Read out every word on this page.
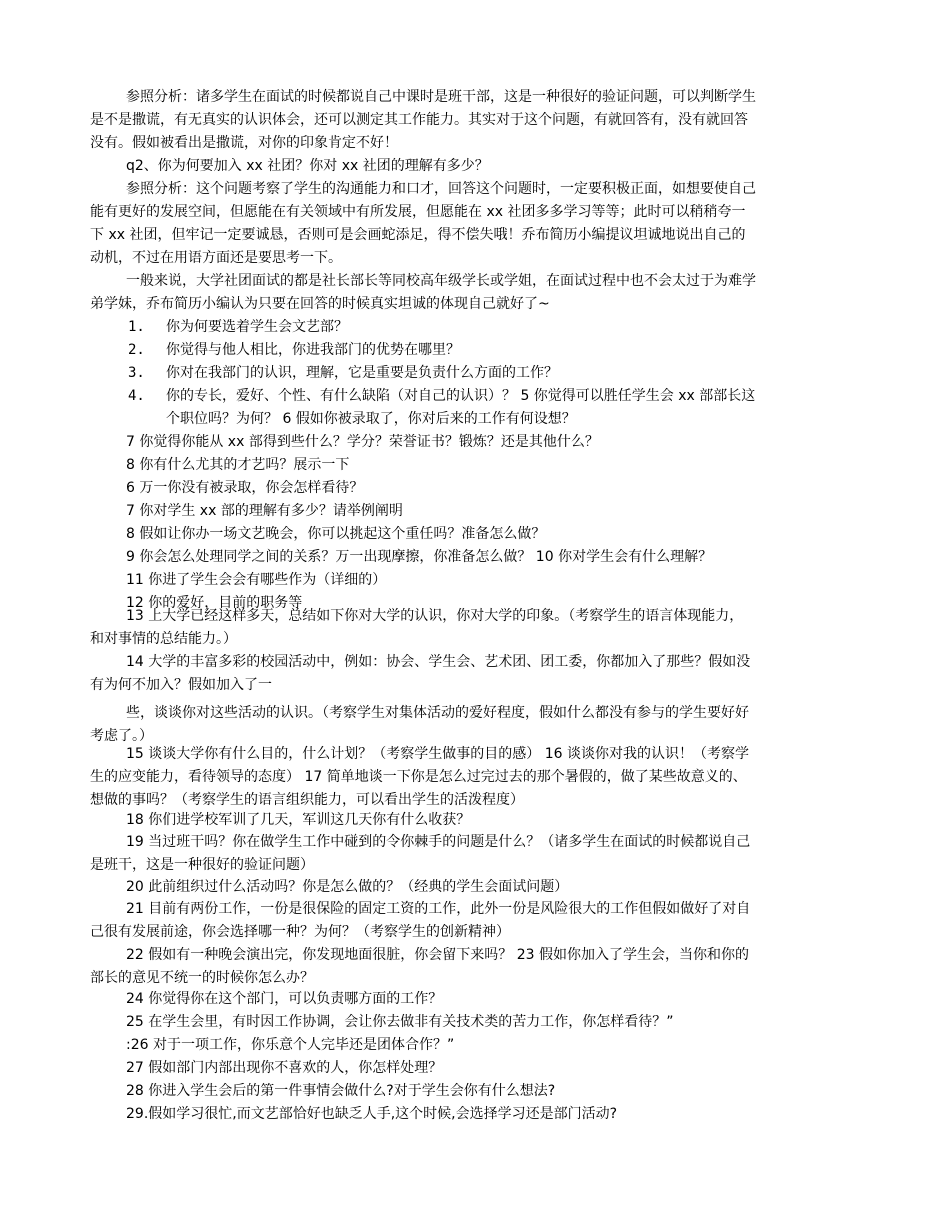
参照分析：诸多学生在面试的时候都说自己中课时是班干部，这是一种很好的验证问题，可以判断学生
是不是撒谎，有无真实的认识体会，还可以测定其工作能力。其实对于这个问题，有就回答有，没有就回答
没有。假如被看出是撒谎，对你的印象肯定不好！
q2、你为何要加入 xx 社团？你对 xx 社团的理解有多少？
参照分析：这个问题考察了学生的沟通能力和口才，回答这个问题时，一定要积极正面，如想要使自己
能有更好的发展空间，但愿能在有关领域中有所发展，但愿能在 xx 社团多多学习等等；此时可以稍稍夸一
下 xx 社团，但牢记一定要诚恳，否则可是会画蛇添足，得不偿失哦！乔布简历小编提议坦诚地说出自己的
动机，不过在用语方面还是要思考一下。
一般来说，大学社团面试的都是社长部长等同校高年级学长或学姐，在面试过程中也不会太过于为难学
弟学妹，乔布简历小编认为只要在回答的时候真实坦诚的体现自己就好了~
1. 你为何要选着学生会文艺部？
2. 你觉得与他人相比，你进我部门的优势在哪里？
3. 你对在我部门的认识，理解，它是重要是负责什么方面的工作？
4. 你的专长，爱好、个性、有什么缺陷（对自己的认识）？ 5 你觉得可以胜任学生会 xx 部部长这
个职位吗？为何？ 6 假如你被录取了，你对后来的工作有何设想？
7 你觉得你能从 xx 部得到些什么？学分？荣誉证书？锻炼？还是其他什么？
8 你有什么尤其的才艺吗？展示一下
6 万一你没有被录取，你会怎样看待？
7 你对学生 xx 部的理解有多少？请举例阐明
8 假如让你办一场文艺晚会，你可以挑起这个重任吗？准备怎么做？
9 你会怎么处理同学之间的关系？万一出现摩擦，你准备怎么做？ 10 你对学生会有什么理解？
11 你进了学生会会有哪些作为（详细的）
12 你的爱好，目前的职务等
13 上大学已经这样多天，总结如下你对大学的认识，你对大学的印象。（考察学生的语言体现能力，
和对事情的总结能力。）
14 大学的丰富多彩的校园活动中，例如：协会、学生会、艺术团、团工委，你都加入了那些？假如没
有为何不加入？假如加入了一
些，谈谈你对这些活动的认识。（考察学生对集体活动的爱好程度，假如什么都没有参与的学生要好好
考虑了。）
15 谈谈大学你有什么目的，什么计划？（考察学生做事的目的感） 16 谈谈你对我的认识！（考察学
生的应变能力，看待领导的态度） 17 简单地谈一下你是怎么过完过去的那个暑假的，做了某些故意义的、
想做的事吗？（考察学生的语言组织能力，可以看出学生的活泼程度）
18 你们进学校军训了几天，军训这几天你有什么收获？
19 当过班干吗？你在做学生工作中碰到的令你棘手的问题是什么？（诸多学生在面试的时候都说自己
是班干，这是一种很好的验证问题）
20 此前组织过什么活动吗？你是怎么做的？（经典的学生会面试问题）
21 目前有两份工作，一份是很保险的固定工资的工作，此外一份是风险很大的工作但假如做好了对自
己很有发展前途，你会选择哪一种？为何？（考察学生的创新精神）
22 假如有一种晚会演出完，你发现地面很脏，你会留下来吗？ 23 假如你加入了学生会，当你和你的
部长的意见不统一的时候你怎么办？
24 你觉得你在这个部门，可以负责哪方面的工作？
25 在学生会里，有时因工作协调，会让你去做非有关技术类的苦力工作，你怎样看待？”
:26 对于一项工作，你乐意个人完毕还是团体合作？”
27 假如部门内部出现你不喜欢的人，你怎样处理？
28 你进入学生会后的第一件事情会做什么?对于学生会你有什么想法?
29.假如学习很忙,而文艺部恰好也缺乏人手,这个时候,会选择学习还是部门活动?
